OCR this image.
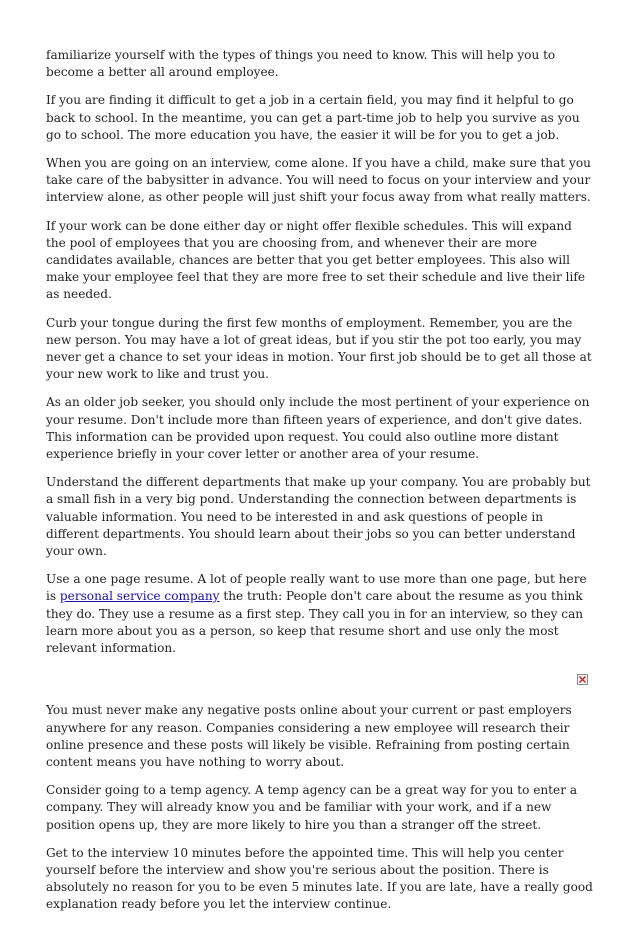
familiarize yourself with the types of things you need to know. This will help you to become a better all around employee.

If you are finding it difficult to get a job in a certain field, you may find it helpful to go back to school. In the meantime, you can get a part-time job to help you survive as you go to school. The more education you have, the easier it will be for you to get a job.

When you are going on an interview, come alone. If you have a child, make sure that you take care of the babysitter in advance. You will need to focus on your interview and your interview alone, as other people will just shift your focus away from what really matters.

If your work can be done either day or night offer flexible schedules. This will expand the pool of employees that you are choosing from, and whenever their are more candidates available, chances are better that you get better employees. This also will make your employee feel that they are more free to set their schedule and live their life as needed.

Curb your tongue during the first few months of employment. Remember, you are the new person. You may have a lot of great ideas, but if you stir the pot too early, you may never get a chance to set your ideas in motion. Your first job should be to get all those at your new work to like and trust you.

As an older job seeker, you should only include the most pertinent of your experience on your resume. Don't include more than fifteen years of experience, and don't give dates. This information can be provided upon request. You could also outline more distant experience briefly in your cover letter or another area of your resume.

Understand the different departments that make up your company. You are probably but a small fish in a very big pond. Understanding the connection between departments is valuable information. You need to be interested in and ask questions of people in different departments. You should learn about their jobs so you can better understand your own.

Use a one page resume. A lot of people really want to use more than one page, but here is personal service company the truth: People don't care about the resume as you think they do. They use a resume as a first step. They call you in for an interview, so they can learn more about you as a person, so keep that resume short and use only the most relevant information.

You must never make any negative posts online about your current or past employers anywhere for any reason. Companies considering a new employee will research their online presence and these posts will likely be visible. Refraining from posting certain content means you have nothing to worry about.

Consider going to a temp agency. A temp agency can be a great way for you to enter a company. They will already know you and be familiar with your work, and if a new position opens up, they are more likely to hire you than a stranger off the street.

Get to the interview 10 minutes before the appointed time. This will help you center yourself before the interview and show you're serious about the position. There is absolutely no reason for you to be even 5 minutes late. If you are late, have a really good explanation ready before you let the interview continue.
